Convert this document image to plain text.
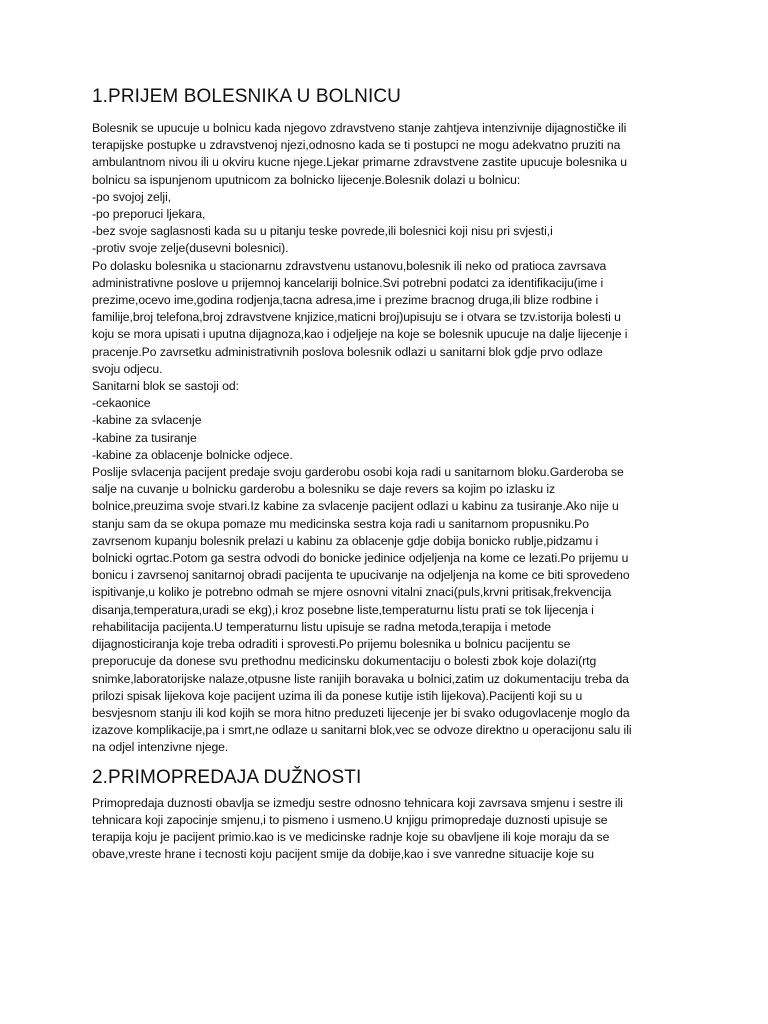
1.PRIJEM BOLESNIKA U BOLNICU

Bolesnik se upucuje u bolnicu kada njegovo zdravstveno stanje zahtjeva intenzivnije dijagnostičke ili
terapijske postupke u zdravstvenoj njezi,odnosno kada se ti postupci ne mogu adekvatno pruziti na
ambulantnom nivou ili u okviru kucne njege.Ljekar primarne zdravstvene zastite upucuje bolesnika u
bolnicu sa ispunjenom uputnicom za bolnicko lijecenje.Bolesnik dolazi u bolnicu:
-po svojoj zelji,
-po preporuci ljekara,
-bez svoje saglasnosti kada su u pitanju teske povrede,ili bolesnici koji nisu pri svjesti,i
-protiv svoje zelje(dusevni bolesnici).
Po dolasku bolesnika u stacionarnu zdravstvenu ustanovu,bolesnik ili neko od pratioca zavrsava
administrativne poslove u prijemnoj kancelariji bolnice.Svi potrebni podatci za identifikaciju(ime i
prezime,ocevo ime,godina rodjenja,tacna adresa,ime i prezime bracnog druga,ili blize rodbine i
familije,broj telefona,broj zdravstvene knjizice,maticni broj)upisuju se i otvara se tzv.istorija bolesti u
koju se mora upisati i uputna dijagnoza,kao i odjeljeje na koje se bolesnik upucuje na dalje lijecenje i
pracenje.Po zavrsetku administrativnih poslova bolesnik odlazi u sanitarni blok gdje prvo odlaze
svoju odjecu.
Sanitarni blok se sastoji od:
-cekaonice
-kabine za svlacenje
-kabine za tusiranje
-kabine za oblacenje bolnicke odjece.
Poslije svlacenja pacijent predaje svoju garderobu osobi koja radi u sanitarnom bloku.Garderoba se
salje na cuvanje u bolnicku garderobu a bolesniku se daje revers sa kojim po izlasku iz
bolnice,preuzima svoje stvari.Iz kabine za svlacenje pacijent odlazi u kabinu za tusiranje.Ako nije u
stanju sam da se okupa pomaze mu medicinska sestra koja radi u sanitarnom propusniku.Po
zavrsenom kupanju bolesnik prelazi u kabinu za oblacenje gdje dobija bonicko rublje,pidzamu i
bolnicki ogrtac.Potom ga sestra odvodi do bonicke jedinice odjeljenja na kome ce lezati.Po prijemu u
bonicu i zavrsenoj sanitarnoj obradi pacijenta te upucivanje na odjeljenja na kome ce biti sprovedeno
ispitivanje,u koliko je potrebno odmah se mjere osnovni vitalni znaci(puls,krvni pritisak,frekvencija
disanja,temperatura,uradi se ekg),i kroz posebne liste,temperaturnu listu prati se tok lijecenja i
rehabilitacija pacijenta.U temperaturnu listu upisuje se radna metoda,terapija i metode
dijagnosticiranja koje treba odraditi i sprovesti.Po prijemu bolesnika u bolnicu pacijentu se
preporucuje da donese svu prethodnu medicinsku dokumentaciju o bolesti zbok koje dolazi(rtg
snimke,laboratorijske nalaze,otpusne liste ranijih boravaka u bolnici,zatim uz dokumentaciju treba da
prilozi spisak lijekova koje pacijent uzima ili da ponese kutije istih lijekova).Pacijenti koji su u
besvjesnom stanju ili kod kojih se mora hitno preduzeti lijecenje jer bi svako odugovlacenje moglo da
izazove komplikacije,pa i smrt,ne odlaze u sanitarni blok,vec se odvoze direktno u operacijonu salu ili
na odjel intenzivne njege.

2.PRIMOPREDAJA DUŽNOSTI

Primopredaja duznosti obavlja se izmedju sestre odnosno tehnicara koji zavrsava smjenu i sestre ili
tehnicara koji zapocinje smjenu,i to pismeno i usmeno.U knjigu primopredaje duznosti upisuje se
terapija koju je pacijent primio.kao is ve medicinske radnje koje su obavljene ili koje moraju da se
obave,vreste hrane i tecnosti koju pacijent smije da dobije,kao i sve vanredne situacije koje su
